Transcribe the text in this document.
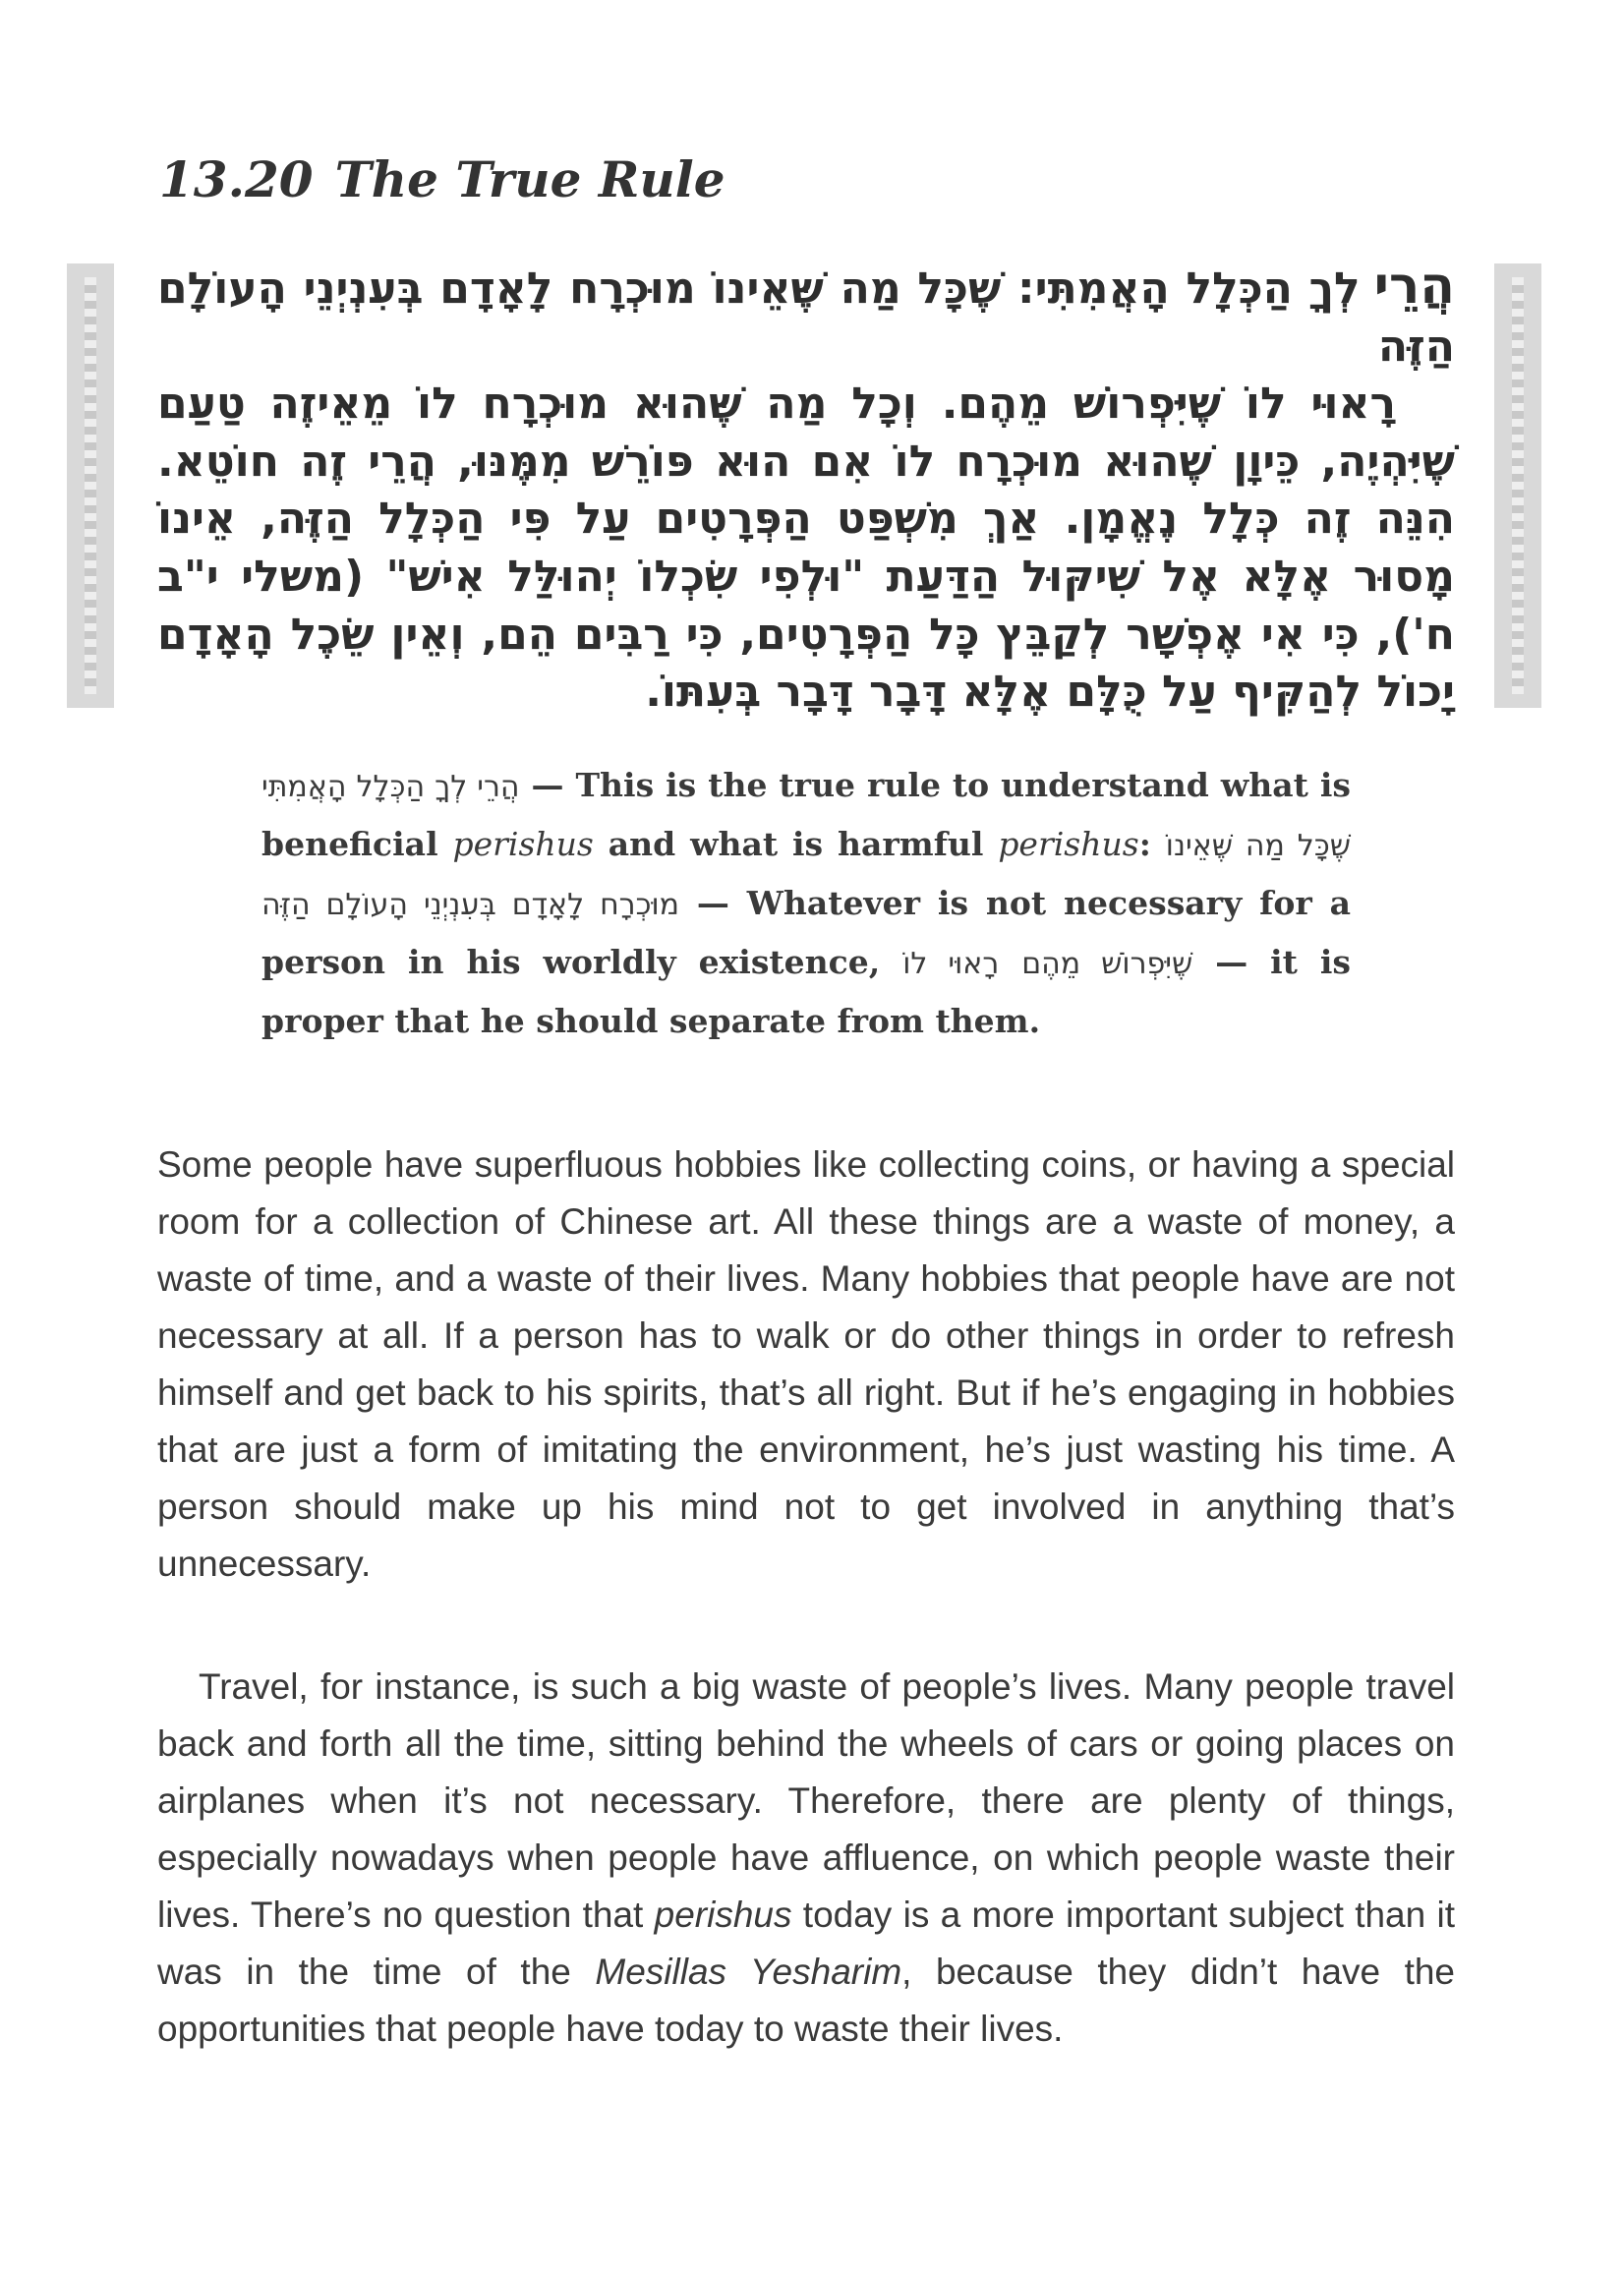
13.20 The True Rule
הֲרֵילְךָ הַכְּלָל הָאֲמִתִּי: שֶׁכָּל מַה שֶּׁאֵינוֹ מוּכְרָח לָאָדָם בְּעִנְיְנֵי הָעוֹלָם הַזֶּה
רָאוּי לוֹ שֶׁיִּפְרוֹשׁ מֵהֶם. וְכָל מַה שֶּׁהוּא מוּכְרָח לוֹ מֵאֵיזֶה טַעַם שֶׁיִּהְיֶה, כֵּיוָן שֶׁהוּא מוּכְרָח לוֹ אִם הוּא פּוֹרֵשׁ מִמֶּנּוּ, הֲרֵי זֶה חוֹטֵא. הִנֵּה זֶה כְּלָל נֶאֱמָן. אַךְ מִשְׁפַּט הַפְּרָטִים עַל פִּי הַכְּלָל הַזֶּה, אֵינוֹ מָסוּר אֶלָּא אֶל שִׁיקּוּל הַדַּעַת "וּלְפִי שִׂכְלוֹ יְהוּלַּל אִישׁ" (משלי י"ב ח'), כִּי אִי אֶפְשָׁר לְקַבֵּץ כָּל הַפְּרָטִים, כִּי רַבִּים הֵם, וְאֵין שֵׂכֶל הָאָדָם יָכוֹל לְהַקִּיף עַל כֻּלָּם אֶלָּא דָּבָר דָּבָר בְּעִתּוֹ.

הֲרֵי לְךָ הַכְּלָל הָאֲמִתִּי — This is the true rule to understand what is beneficial perishus and what is harmful perishus: שֶׁכָּל מַה שֶּׁאֵינוֹ מוּכְרָח לָאָדָם בְּעִנְיְנֵי הָעוֹלָם הַזֶּה — Whatever is not necessary for a person in his worldly existence, רָאוּי לוֹ שֶׁיִּפְרוֹשׁ מֵהֶם — it is proper that he should separate from them.

Some people have superfluous hobbies like collecting coins, or having a special room for a collection of Chinese art. All these things are a waste of money, a waste of time, and a waste of their lives. Many hobbies that people have are not necessary at all. If a person has to walk or do other things in order to refresh himself and get back to his spirits, that’s all right. But if he’s engaging in hobbies that are just a form of imitating the environment, he’s just wasting his time. A person should make up his mind not to get involved in anything that’s unnecessary.

Travel, for instance, is such a big waste of people’s lives. Many people travel back and forth all the time, sitting behind the wheels of cars or going places on airplanes when it’s not necessary. Therefore, there are plenty of things, especially nowadays when people have affluence, on which people waste their lives. There’s no question that perishus today is a more important subject than it was in the time of the Mesillas Yesharim, because they didn’t have the opportunities that people have today to waste their lives.
